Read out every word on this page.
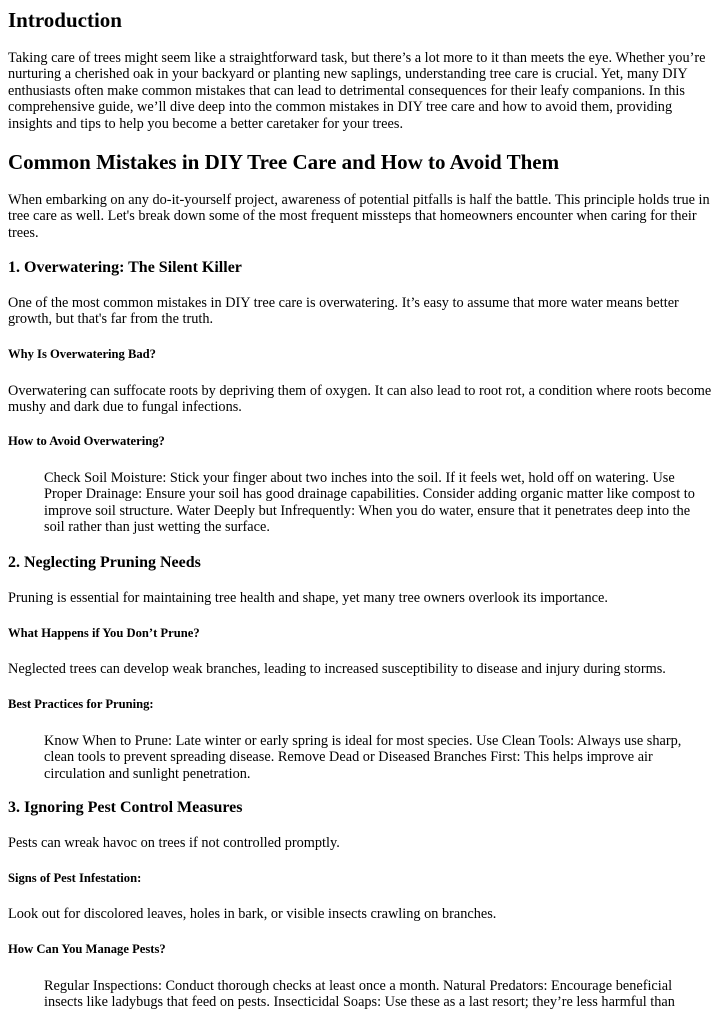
Introduction

Taking care of trees might seem like a straightforward task, but there’s a lot more to it than meets the eye. Whether you’re nurturing a cherished oak in your backyard or planting new saplings, understanding tree care is crucial. Yet, many DIY enthusiasts often make common mistakes that can lead to detrimental consequences for their leafy companions. In this comprehensive guide, we’ll dive deep into the common mistakes in DIY tree care and how to avoid them, providing insights and tips to help you become a better caretaker for your trees.

Common Mistakes in DIY Tree Care and How to Avoid Them

When embarking on any do-it-yourself project, awareness of potential pitfalls is half the battle. This principle holds true in tree care as well. Let's break down some of the most frequent missteps that homeowners encounter when caring for their trees.

1. Overwatering: The Silent Killer

One of the most common mistakes in DIY tree care is overwatering. It’s easy to assume that more water means better growth, but that's far from the truth.

Why Is Overwatering Bad?

Overwatering can suffocate roots by depriving them of oxygen. It can also lead to root rot, a condition where roots become mushy and dark due to fungal infections.

How to Avoid Overwatering?

Check Soil Moisture: Stick your finger about two inches into the soil. If it feels wet, hold off on watering. Use Proper Drainage: Ensure your soil has good drainage capabilities. Consider adding organic matter like compost to improve soil structure. Water Deeply but Infrequently: When you do water, ensure that it penetrates deep into the soil rather than just wetting the surface.

2. Neglecting Pruning Needs

Pruning is essential for maintaining tree health and shape, yet many tree owners overlook its importance.

What Happens if You Don’t Prune?

Neglected trees can develop weak branches, leading to increased susceptibility to disease and injury during storms.

Best Practices for Pruning:

Know When to Prune: Late winter or early spring is ideal for most species. Use Clean Tools: Always use sharp, clean tools to prevent spreading disease. Remove Dead or Diseased Branches First: This helps improve air circulation and sunlight penetration.

3. Ignoring Pest Control Measures

Pests can wreak havoc on trees if not controlled promptly.

Signs of Pest Infestation:

Look out for discolored leaves, holes in bark, or visible insects crawling on branches.

How Can You Manage Pests?

Regular Inspections: Conduct thorough checks at least once a month. Natural Predators: Encourage beneficial insects like ladybugs that feed on pests. Insecticidal Soaps: Use these as a last resort; they’re less harmful than
